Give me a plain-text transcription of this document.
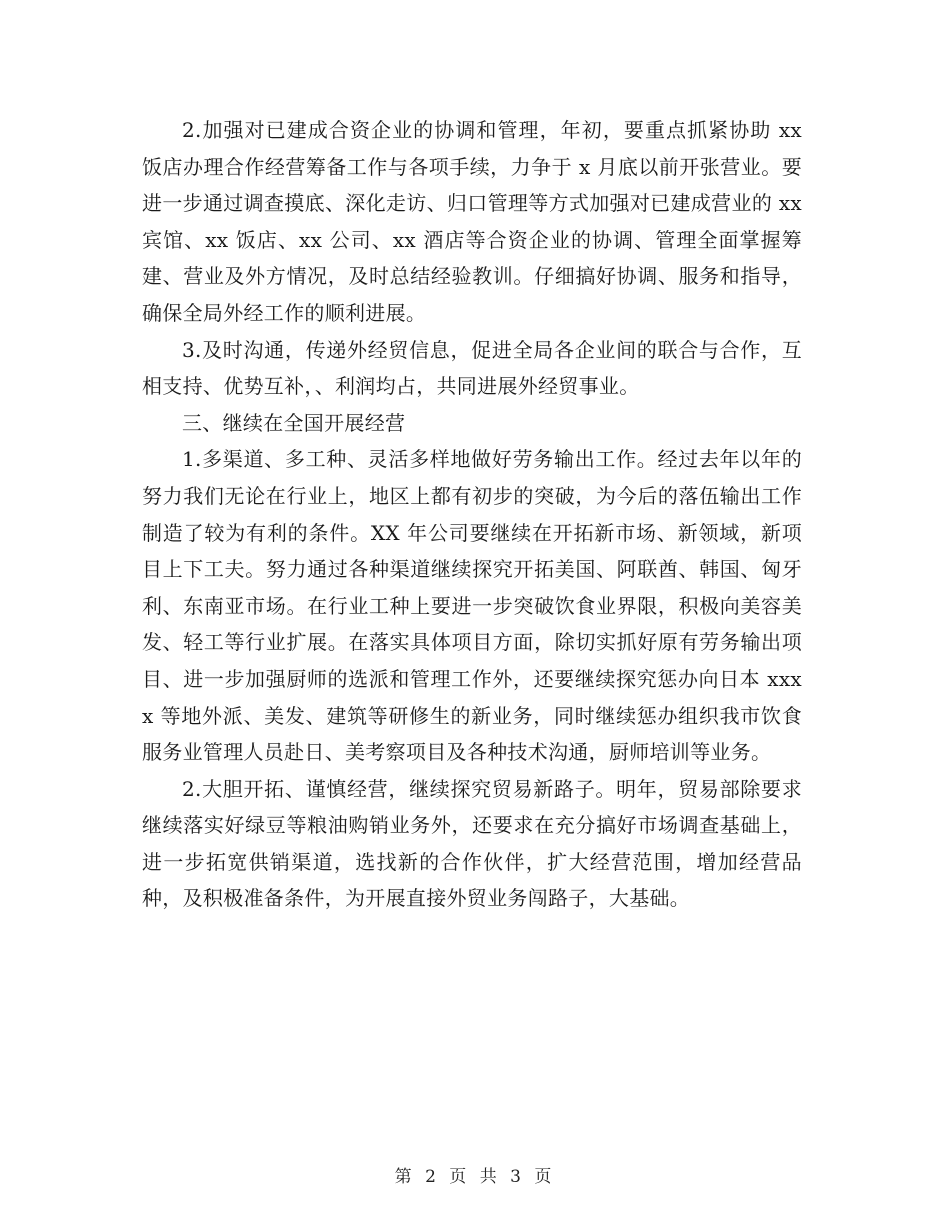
2.加强对已建成合资企业的协调和管理，年初，要重点抓紧协助 xx 饭店办理合作经营筹备工作与各项手续，力争于 x 月底以前开张营业。要进一步通过调查摸底、深化走访、归口管理等方式加强对已建成营业的 xx 宾馆、xx 饭店、xx 公司、xx 酒店等合资企业的协调、管理全面掌握筹建、营业及外方情况，及时总结经验教训。仔细搞好协调、服务和指导，确保全局外经工作的顺利进展。

3.及时沟通，传递外经贸信息，促进全局各企业间的联合与合作，互相支持、优势互补，、利润均占，共同进展外经贸事业。

三、继续在全国开展经营

1.多渠道、多工种、灵活多样地做好劳务输出工作。经过去年以年的努力我们无论在行业上，地区上都有初步的突破，为今后的落伍输出工作制造了较为有利的条件。XX 年公司要继续在开拓新市场、新领域，新项目上下工夫。努力通过各种渠道继续探究开拓美国、阿联酋、韩国、匈牙利、东南亚市场。在行业工种上要进一步突破饮食业界限，积极向美容美发、轻工等行业扩展。在落实具体项目方面，除切实抓好原有劳务输出项目、进一步加强厨师的选派和管理工作外，还要继续探究惩办向日本 xxxx 等地外派、美发、建筑等研修生的新业务，同时继续惩办组织我市饮食服务业管理人员赴日、美考察项目及各种技术沟通，厨师培训等业务。

2.大胆开拓、谨慎经营，继续探究贸易新路子。明年，贸易部除要求继续落实好绿豆等粮油购销业务外，还要求在充分搞好市场调查基础上，进一步拓宽供销渠道，选找新的合作伙伴，扩大经营范围，增加经营品种，及积极准备条件，为开展直接外贸业务闯路子，大基础。

第 2 页 共 3 页
